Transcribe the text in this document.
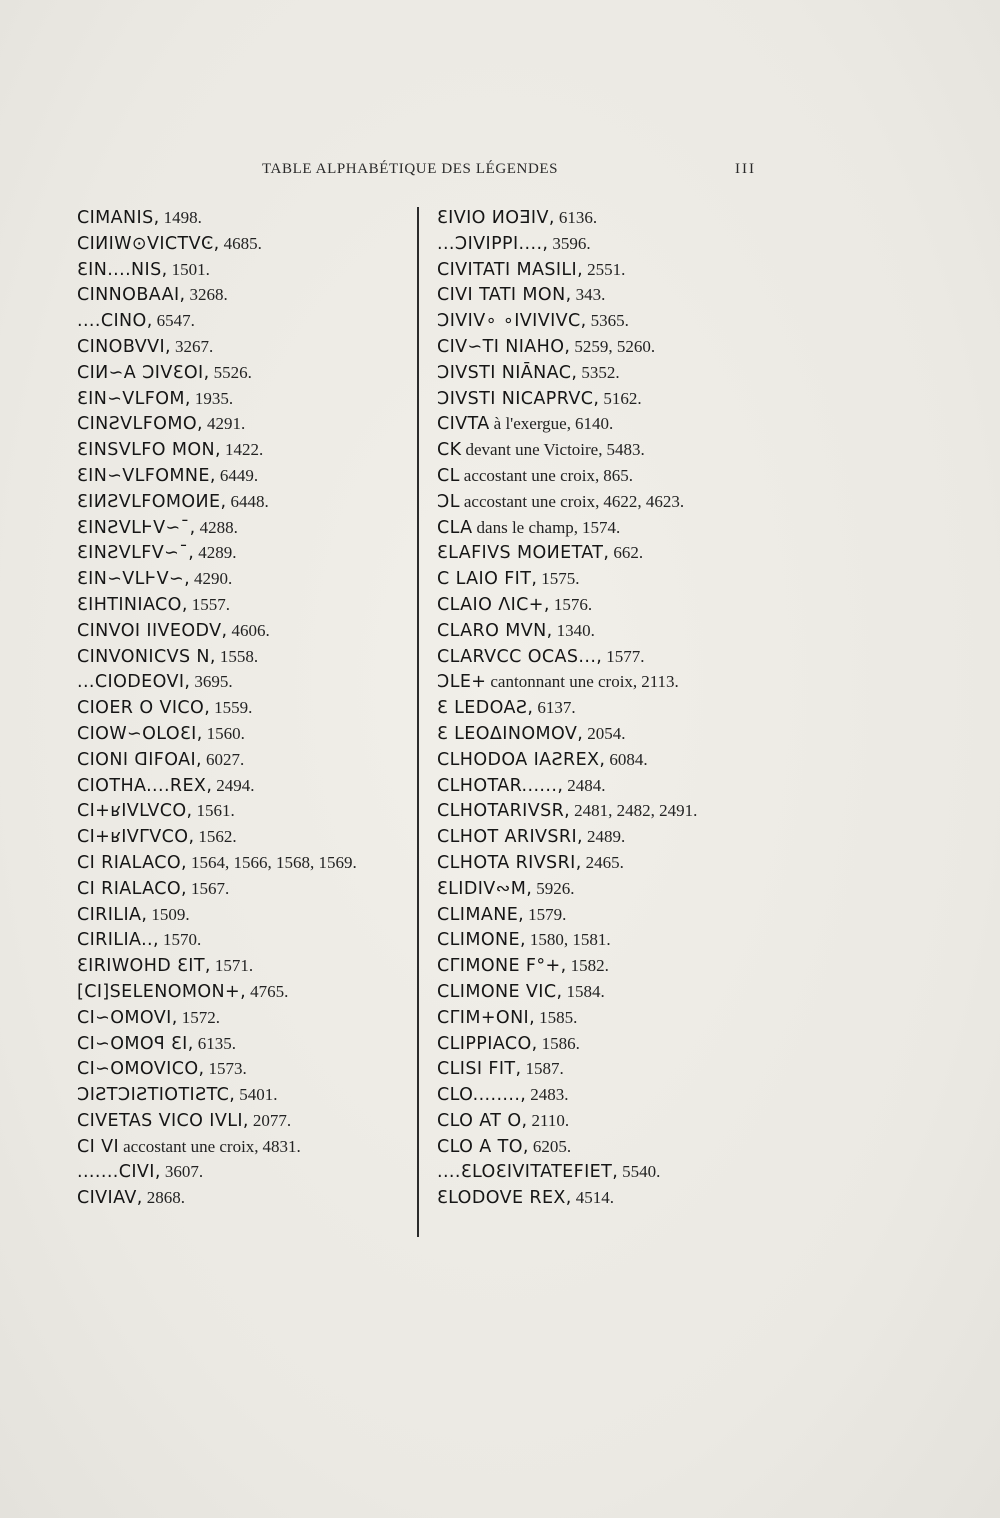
TABLE ALPHABÉTIQUE DES LÉGENDES	III
CIMANIS, 1498.
CIИIW⊙VICTVϾ, 4685.
ƐIN....NIS, 1501.
CINNOBAAI, 3268.
....CINO, 6547.
CINOBVVI, 3267.
CIИ∽A ƆIVƐOI, 5526.
ƐIN∽VLFOM, 1935.
CINƧVLFOMO, 4291.
ƐINSVLFO MON, 1422.
ƐIN∽VLFOMNE, 6449.
ƐIИƧVLFOMOИE, 6448.
ƐINƧVLⱵV∽¯, 4288.
ƐINƧVLFV∽¯, 4289.
ƐIN∽VLⱵV∽, 4290.
ƐIHTINIACO, 1557.
CINVOI IIVEODV, 4606.
CINVONICVS N, 1558.
...CIODEOVI, 3695.
CIOER O VICO, 1559.
CIOW∽OLOƐI, 1560.
CIONI ᗡIFOAI, 6027.
CIOTHA....REX, 2494.
CI+ʁIVLVCO, 1561.
CI+ʁIVΓVCO, 1562.
CI RIALACO, 1564, 1566, 1568, 1569.
CI RIALACO, 1567.
CIRILIA, 1509.
CIRILIA.., 1570.
ƐIRIWOHD ƐIT, 1571.
[CI]SELENOMON+, 4765.
CI∽OMOVI, 1572.
CI∽OMOꟼ ƐI, 6135.
CI∽OMOVICO, 1573.
ƆIƧTƆIƧTIOTIƧTC, 5401.
CIVETAS VICO IVLI, 2077.
CI VI accostant une croix, 4831.
.......CIVI, 3607.
CIVIAV, 2868.
ƐIVIO ИOƎIV, 6136.
...ƆIVIPPI...., 3596.
CIVITATI MASILI, 2551.
CIVI TATI MON, 343.
ƆIVIV∘ ∘IVIVIVC, 5365.
CIV∽TI NIAHO, 5259, 5260.
ƆIVSTI NIĀNAC, 5352.
ƆIVSTI NICAPRVC, 5162.
CIVTA à l'exergue, 6140.
CK devant une Victoire, 5483.
CL accostant une croix, 865.
ƆL accostant une croix, 4622, 4623.
CLA dans le champ, 1574.
ƐLAFIVS MOИETAT, 662.
C LAIO FIT, 1575.
CLAIO ΛIC+, 1576.
CLARO MVN, 1340.
CLARVCC OCAS..., 1577.
ƆLE+ cantonnant une croix, 2113.
Ɛ LEDOAƧ, 6137.
Ɛ LEOΔINOMOV, 2054.
CLHODOA IAƧREX, 6084.
CLHOTAR......, 2484.
CLHOTARIVSR, 2481, 2482, 2491.
CLHOT ARIVSRI, 2489.
CLHOTA RIVSRI, 2465.
ƐLIDIV∾M, 5926.
CLIMANE, 1579.
CLIMONE, 1580, 1581.
CΓIMONE F°+, 1582.
CLIMONE VIC, 1584.
CΓIM+ONI, 1585.
CLIPPIACO, 1586.
CLISI FIT, 1587.
CLO........, 2483.
CLO AT O, 2110.
CLO A TO, 6205.
....ƐLOƐIVITATEFIET, 5540.
ƐLODOVE REX, 4514.
